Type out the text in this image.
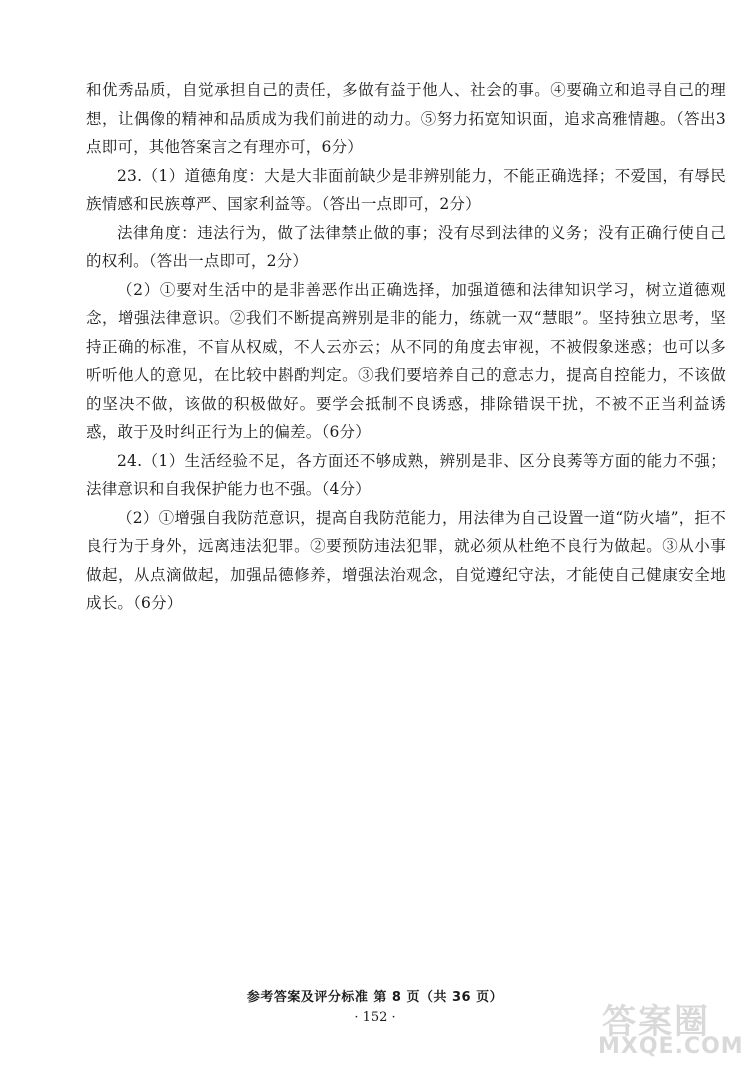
和优秀品质，自觉承担自己的责任，多做有益于他人、社会的事。④要确立和追寻自己的理想，让偶像的精神和品质成为我们前进的动力。⑤努力拓宽知识面，追求高雅情趣。（答出3点即可，其他答案言之有理亦可，6分）

23.（1）道德角度：大是大非面前缺少是非辨别能力，不能正确选择；不爱国，有辱民族情感和民族尊严、国家利益等。（答出一点即可，2分）

法律角度：违法行为，做了法律禁止做的事；没有尽到法律的义务；没有正确行使自己的权利。（答出一点即可，2分）

（2）①要对生活中的是非善恶作出正确选择，加强道德和法律知识学习，树立道德观念，增强法律意识。②我们不断提高辨别是非的能力，练就一双“慧眼”。坚持独立思考，坚持正确的标准，不盲从权威，不人云亦云；从不同的角度去审视，不被假象迷惑；也可以多听听他人的意见，在比较中斟酌判定。③我们要培养自己的意志力，提高自控能力，不该做的坚决不做，该做的积极做好。要学会抵制不良诱惑，排除错误干扰，不被不正当利益诱惑，敢于及时纠正行为上的偏差。（6分）

24.（1）生活经验不足，各方面还不够成熟，辨别是非、区分良莠等方面的能力不强；法律意识和自我保护能力也不强。（4分）

（2）①增强自我防范意识，提高自我防范能力，用法律为自己设置一道“防火墙”，拒不良行为于身外，远离违法犯罪。②要预防违法犯罪，就必须从杜绝不良行为做起。③从小事做起，从点滴做起，加强品德修养，增强法治观念，自觉遵纪守法，才能使自己健康安全地成长。（6分）

参考答案及评分标准 第 8 页（共 36 页）
· 152 ·	答案圈
MXQE.COM
